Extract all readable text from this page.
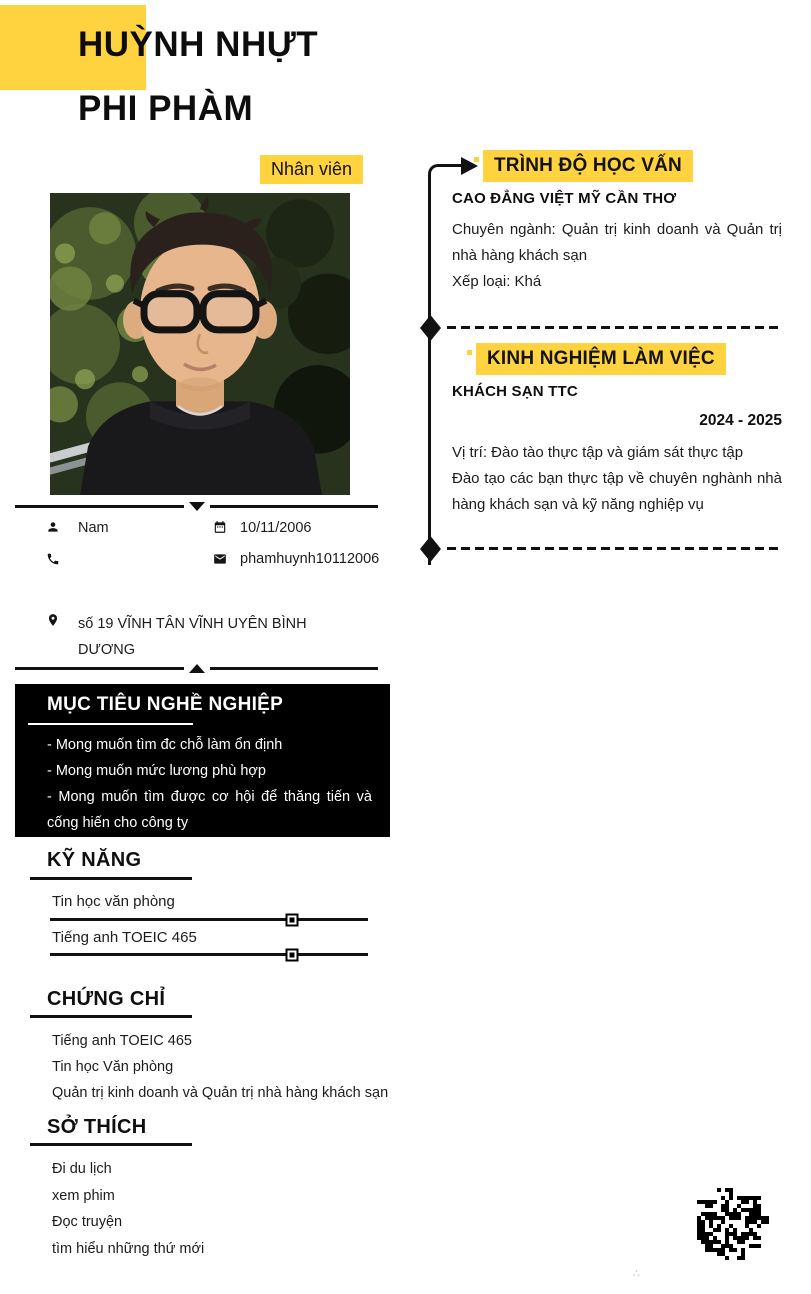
HUỲNH NHỰT
PHI PHÀM
Nhân viên
Nam	10/11/2006
phamhuynh10112006
số 19 VĨNH TÂN VĨNH UYÊN BÌNH DƯƠNG
MỤC TIÊU NGHỀ NGHIỆP

- Mong muốn tìm đc chỗ làm ổn định

- Mong muốn mức lương phù hợp

- Mong muốn tìm được cơ hội để thăng tiến và cống hiến cho công ty

KỸ NĂNG
Tin học văn phòng
Tiếng anh TOEIC 465
CHỨNG CHỈ
Tiếng anh TOEIC 465
Tin học Văn phòng
Quản trị kinh doanh và Quản trị nhà hàng khách sạn
SỞ THÍCH
Đi du lịch
xem phim
Đọc truyện
tìm hiểu những thứ mới
TRÌNH ĐỘ HỌC VẤN
CAO ĐẲNG VIỆT MỸ CẦN THƠ

Chuyên ngành: Quản trị kinh doanh và Quản trị nhà hàng khách sạn

Xếp loại: Khá

KINH NGHIỆM LÀM VIỆC
KHÁCH SẠN TTC
2024 - 2025

Vị trí: Đào tào thực tập và giám sát thực tập

Đào tạo các bạn thực tập về chuyên nghành nhà hàng khách sạn và kỹ năng nghiệp vụ

∴
